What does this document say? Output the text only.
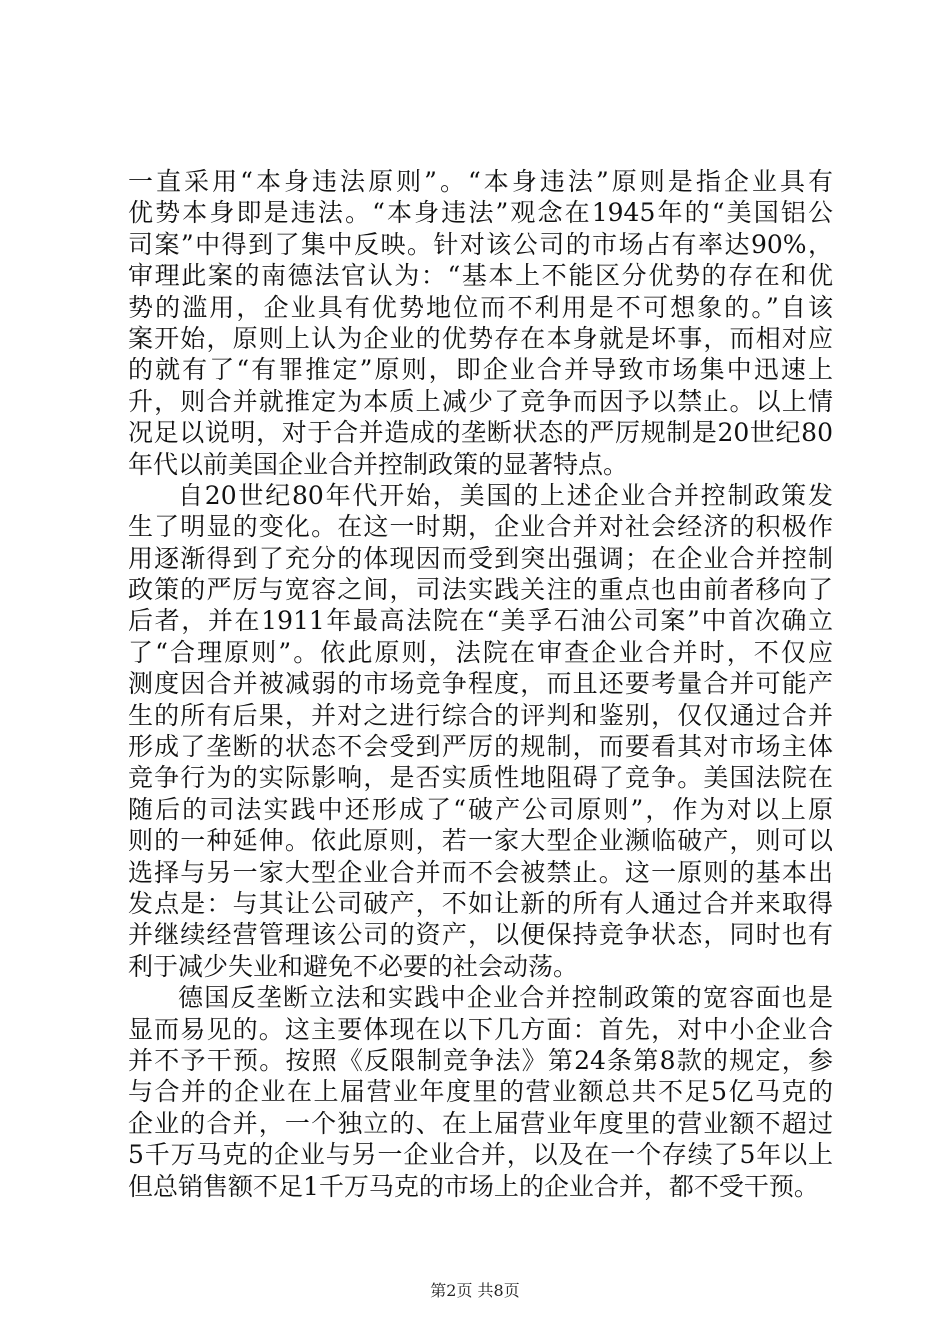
一直采用“本身违法原则”。“本身违法”原则是指企业具有
优势本身即是违法。“本身违法”观念在1945年的“美国铝公
司案”中得到了集中反映。针对该公司的市场占有率达90%，
审理此案的南德法官认为：“基本上不能区分优势的存在和优
势的滥用，企业具有优势地位而不利用是不可想象的。”自该
案开始，原则上认为企业的优势存在本身就是坏事，而相对应
的就有了“有罪推定”原则，即企业合并导致市场集中迅速上
升，则合并就推定为本质上减少了竞争而因予以禁止。以上情
况足以说明，对于合并造成的垄断状态的严厉规制是20世纪80
年代以前美国企业合并控制政策的显著特点。
自20世纪80年代开始，美国的上述企业合并控制政策发
生了明显的变化。在这一时期，企业合并对社会经济的积极作
用逐渐得到了充分的体现因而受到突出强调；在企业合并控制
政策的严厉与宽容之间，司法实践关注的重点也由前者移向了
后者，并在1911年最高法院在“美孚石油公司案”中首次确立
了“合理原则”。依此原则，法院在审查企业合并时，不仅应
测度因合并被减弱的市场竞争程度，而且还要考量合并可能产
生的所有后果，并对之进行综合的评判和鉴别，仅仅通过合并
形成了垄断的状态不会受到严厉的规制，而要看其对市场主体
竞争行为的实际影响，是否实质性地阻碍了竞争。美国法院在
随后的司法实践中还形成了“破产公司原则”，作为对以上原
则的一种延伸。依此原则，若一家大型企业濒临破产，则可以
选择与另一家大型企业合并而不会被禁止。这一原则的基本出
发点是：与其让公司破产，不如让新的所有人通过合并来取得
并继续经营管理该公司的资产，以便保持竞争状态，同时也有
利于减少失业和避免不必要的社会动荡。
德国反垄断立法和实践中企业合并控制政策的宽容面也是
显而易见的。这主要体现在以下几方面：首先，对中小企业合
并不予干预。按照《反限制竞争法》第24条第8款的规定，参
与合并的企业在上届营业年度里的营业额总共不足5亿马克的
企业的合并，一个独立的、在上届营业年度里的营业额不超过
5千万马克的企业与另一企业合并，以及在一个存续了5年以上
但总销售额不足1千万马克的市场上的企业合并，都不受干预。
第2页 共8页
